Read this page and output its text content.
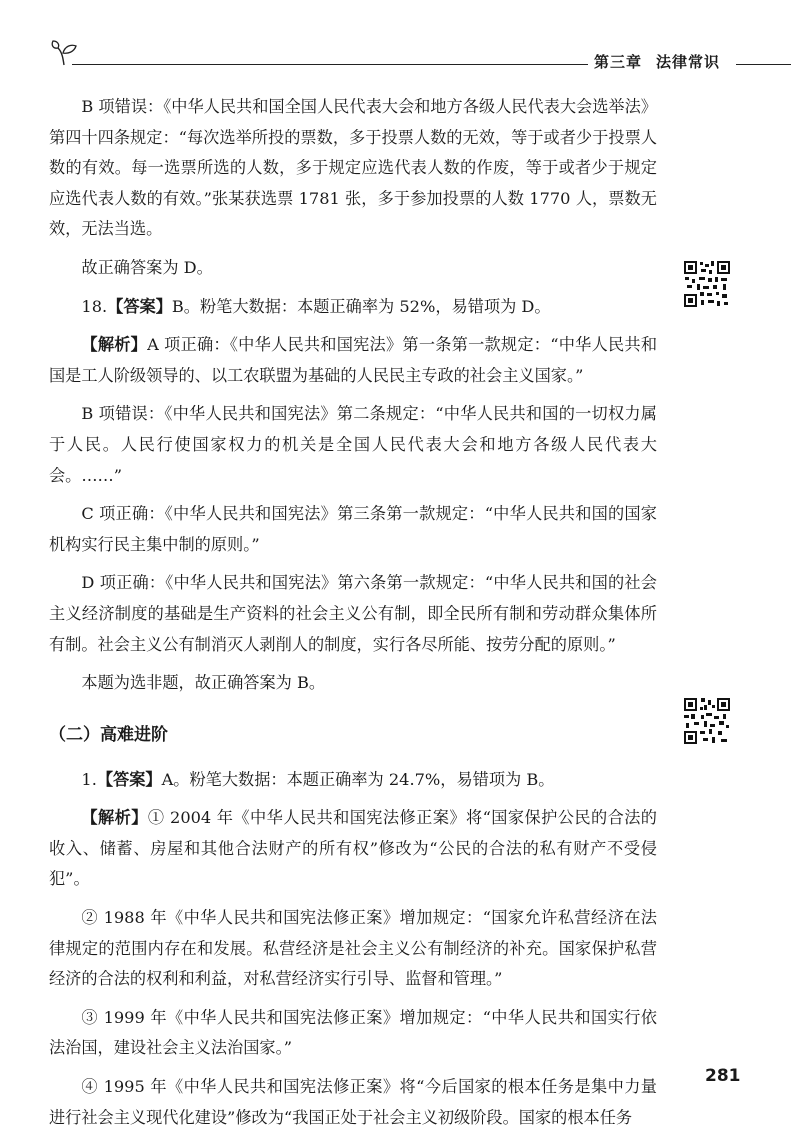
第三章 法律常识

B 项错误：《中华人民共和国全国人民代表大会和地方各级人民代表大会选举法》第四十四条规定：“每次选举所投的票数，多于投票人数的无效，等于或者少于投票人数的有效。每一选票所选的人数，多于规定应选代表人数的作废，等于或者少于规定应选代表人数的有效。”张某获选票 1781 张，多于参加投票的人数 1770 人，票数无效，无法当选。

故正确答案为 D。

18.【答案】B。粉笔大数据：本题正确率为 52%，易错项为 D。

【解析】A 项正确：《中华人民共和国宪法》第一条第一款规定：“中华人民共和国是工人阶级领导的、以工农联盟为基础的人民民主专政的社会主义国家。”

B 项错误：《中华人民共和国宪法》第二条规定：“中华人民共和国的一切权力属于人民。人民行使国家权力的机关是全国人民代表大会和地方各级人民代表大会。……”

C 项正确：《中华人民共和国宪法》第三条第一款规定：“中华人民共和国的国家机构实行民主集中制的原则。”

D 项正确：《中华人民共和国宪法》第六条第一款规定：“中华人民共和国的社会主义经济制度的基础是生产资料的社会主义公有制，即全民所有制和劳动群众集体所有制。社会主义公有制消灭人剥削人的制度，实行各尽所能、按劳分配的原则。”

本题为选非题，故正确答案为 B。

（二）高难进阶

1.【答案】A。粉笔大数据：本题正确率为 24.7%，易错项为 B。

【解析】① 2004 年《中华人民共和国宪法修正案》将“国家保护公民的合法的收入、储蓄、房屋和其他合法财产的所有权”修改为“公民的合法的私有财产不受侵犯”。

② 1988 年《中华人民共和国宪法修正案》增加规定：“国家允许私营经济在法律规定的范围内存在和发展。私营经济是社会主义公有制经济的补充。国家保护私营经济的合法的权利和利益，对私营经济实行引导、监督和管理。”

③ 1999 年《中华人民共和国宪法修正案》增加规定：“中华人民共和国实行依法治国，建设社会主义法治国家。”

④ 1995 年《中华人民共和国宪法修正案》将“今后国家的根本任务是集中力量进行社会主义现代化建设”修改为“我国正处于社会主义初级阶段。国家的根本任务

281
